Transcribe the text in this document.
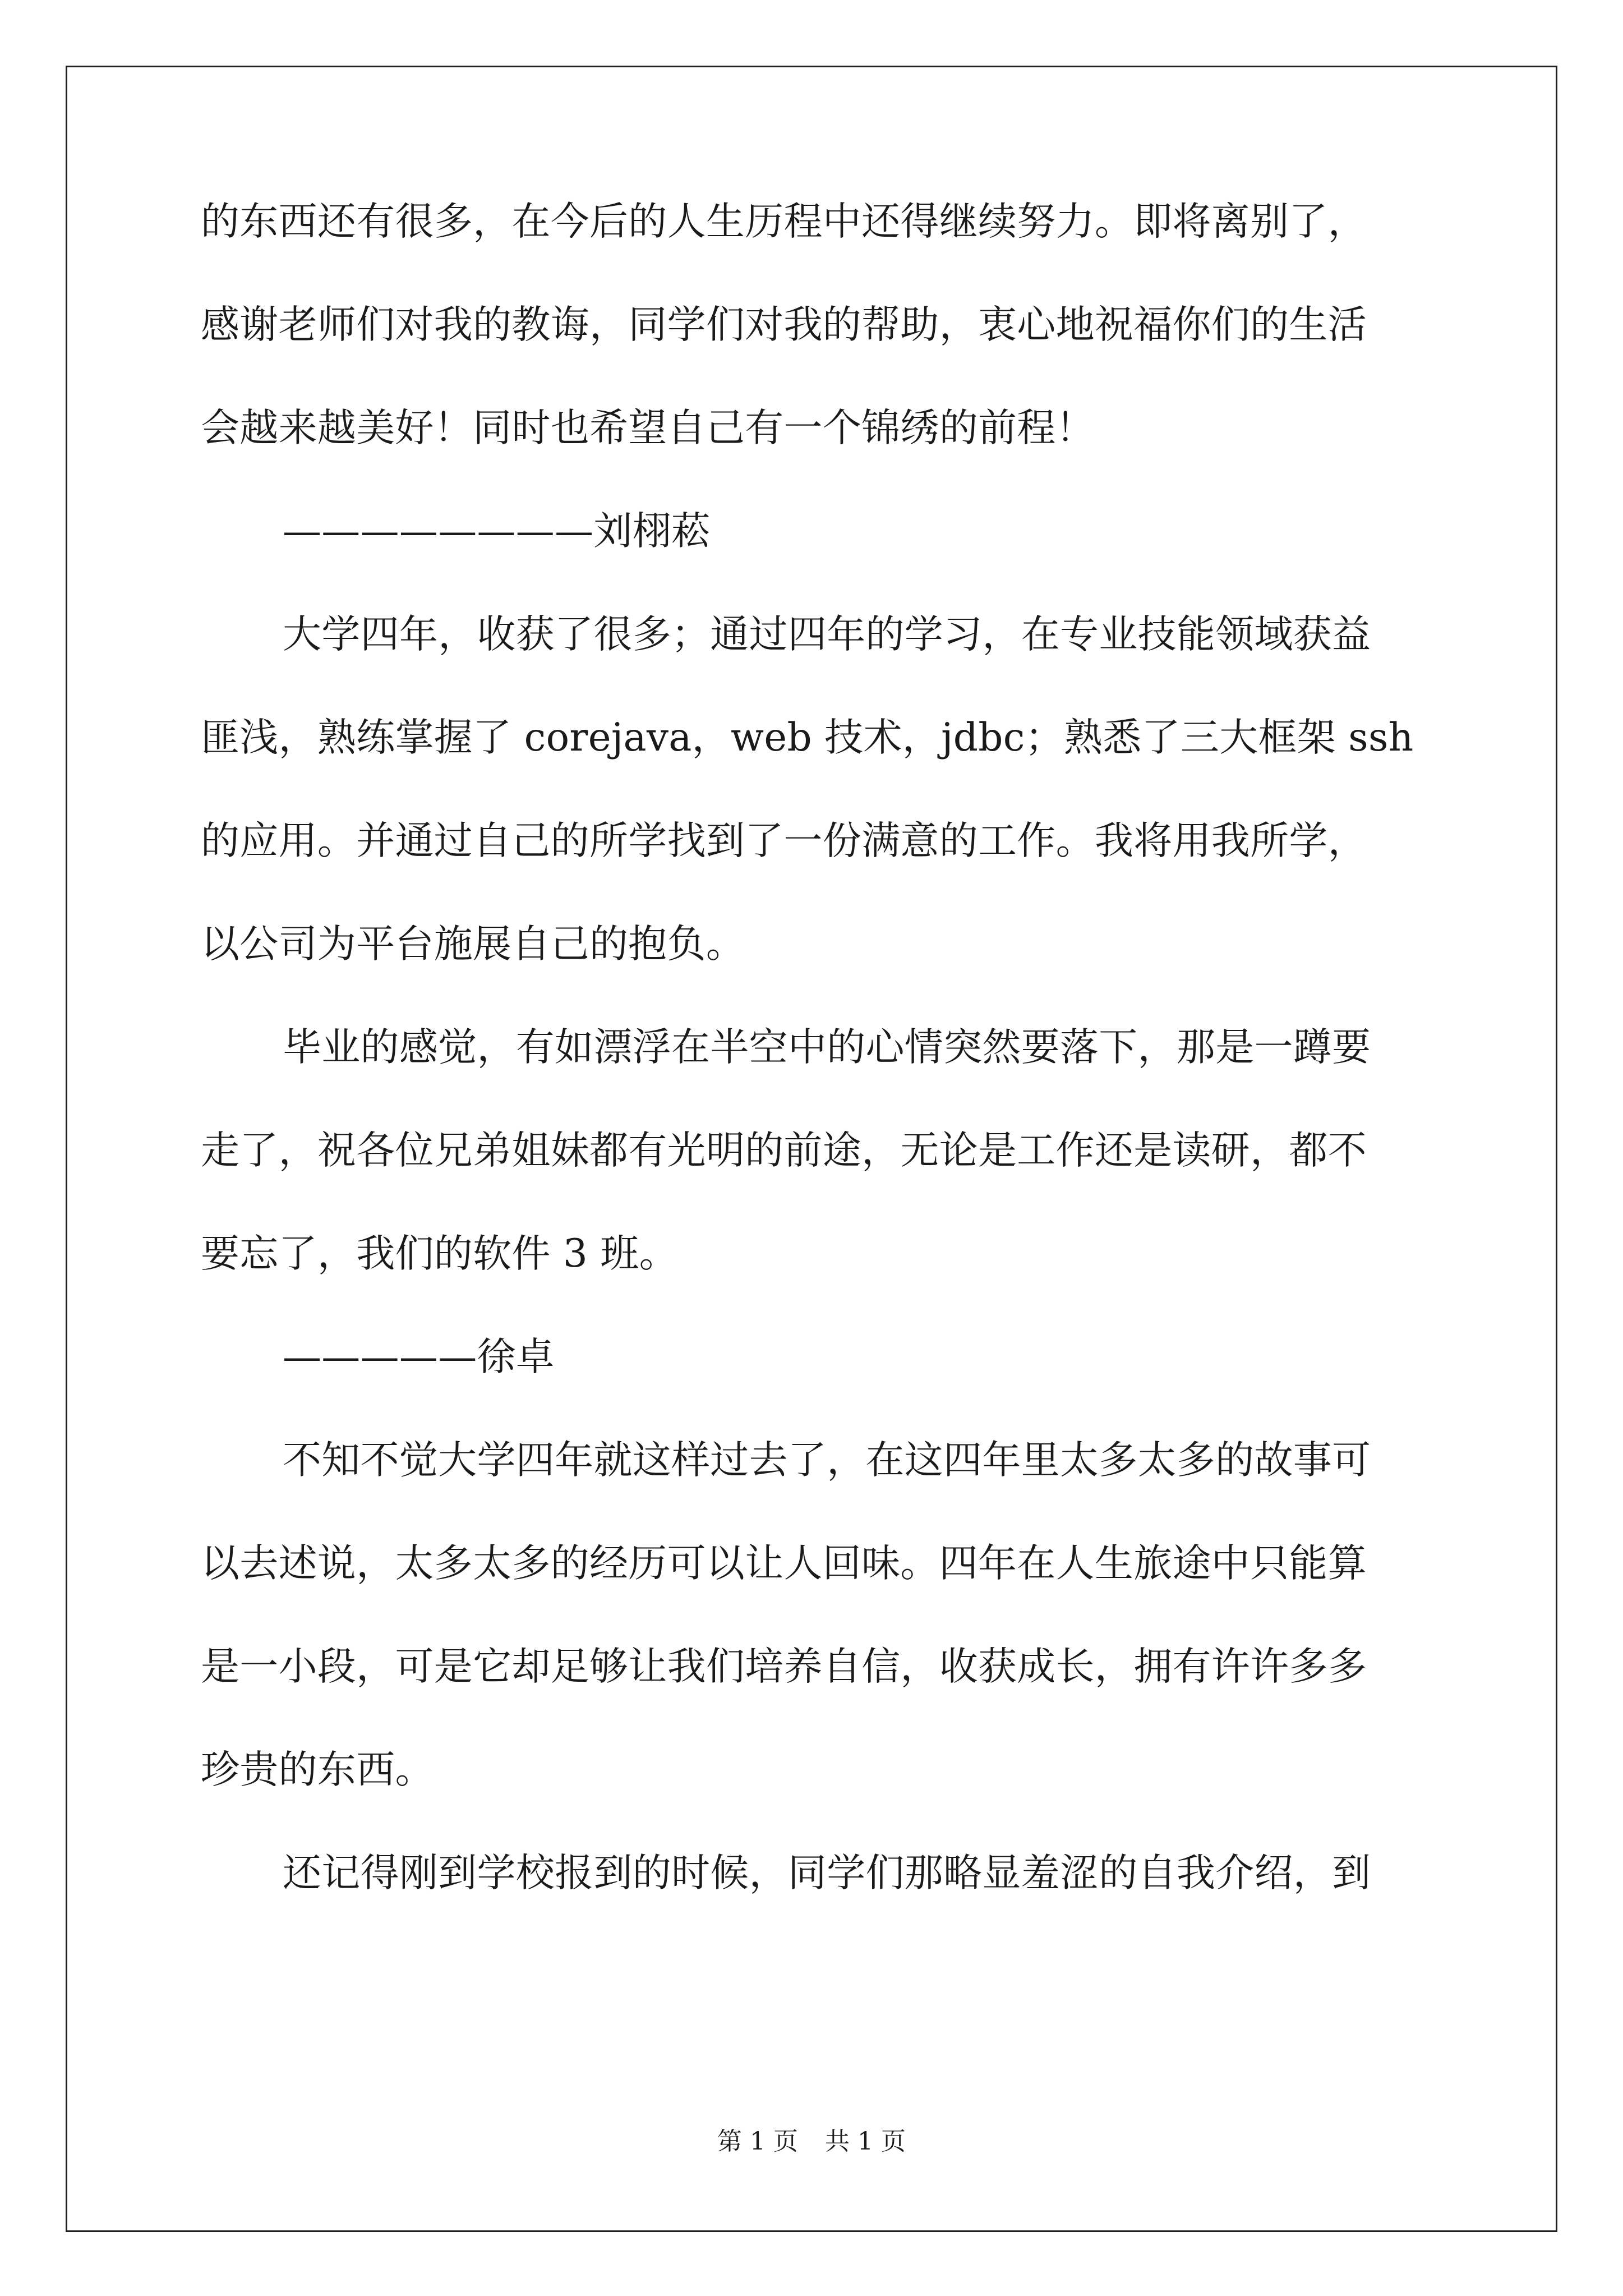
的东西还有很多，在今后的人生历程中还得继续努力。即将离别了，
感谢老师们对我的教诲，同学们对我的帮助，衷心地祝福你们的生活
会越来越美好！同时也希望自己有一个锦绣的前程！
————————刘栩菘
大学四年，收获了很多；通过四年的学习，在专业技能领域获益
匪浅，熟练掌握了 corejava，web 技术，jdbc；熟悉了三大框架 ssh
的应用。并通过自己的所学找到了一份满意的工作。我将用我所学，
以公司为平台施展自己的抱负。
毕业的感觉，有如漂浮在半空中的心情突然要落下，那是一蹲要
走了，祝各位兄弟姐妹都有光明的前途，无论是工作还是读研，都不
要忘了，我们的软件 3 班。
—————徐卓
不知不觉大学四年就这样过去了，在这四年里太多太多的故事可
以去述说，太多太多的经历可以让人回味。四年在人生旅途中只能算
是一小段，可是它却足够让我们培养自信，收获成长，拥有许许多多
珍贵的东西。
还记得刚到学校报到的时候，同学们那略显羞涩的自我介绍，到
第 1 页 共 1 页
